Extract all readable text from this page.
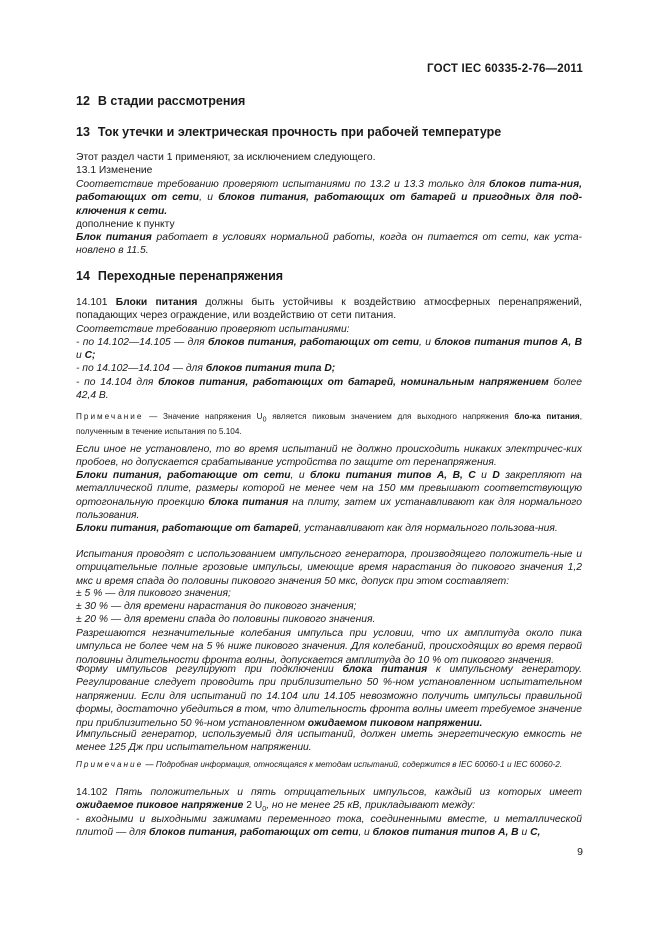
ГОСТ IEC 60335-2-76—2011
12 В стадии рассмотрения
13 Ток утечки и электрическая прочность при рабочей температуре

Этот раздел части 1 применяют, за исключением следующего.

13.1 Изменение

Соответствие требованию проверяют испытаниями по 13.2 и 13.3 только для блоков пита-ния, работающих от сети, и блоков питания, работающих от батарей и пригодных для под-ключения к сети.

дополнение к пункту

Блок питания работает в условиях нормальной работы, когда он питается от сети, как уста-новлено в 11.5.

14 Переходные перенапряжения

14.101 Блоки питания должны быть устойчивы к воздействию атмосферных перенапряжений, попадающих через ограждение, или воздействию от сети питания.

Соответствие требованию проверяют испытаниями:

- по 14.102—14.105 — для блоков питания, работающих от сети, и блоков питания типов А, В и С;

- по 14.102—14.104 — для блоков питания типа D;

- по 14.104 для блоков питания, работающих от батарей, номинальным напряжением более 42,4 В.

Примечание — Значение напряжения $U_0$ является пиковым значением для выходного напряжения бло-ка питания, полученным в течение испытания по 5.104.

Если иное не установлено, то во время испытаний не должно происходить никаких электричес-ких пробоев, но допускается срабатывание устройства по защите от перенапряжения.

Блоки питания, работающие от сети, и блоки питания типов А, В, С и D закрепляют на металлической плите, размеры которой не менее чем на 150 мм превышают соответствующую ортогональную проекцию блока питания на плиту, затем их устанавливают как для нормального пользования.

Блоки питания, работающие от батарей, устанавливают как для нормального пользова-ния.

Испытания проводят с использованием импульсного генератора, производящего положитель-ные и отрицательные полные грозовые импульсы, имеющие время нарастания до пикового значения 1,2 мкс и время спада до половины пикового значения 50 мкс, допуск при этом составляет:

± 5 % — для пикового значения;

± 30 % — для времени нарастания до пикового значения;

± 20 % — для времени спада до половины пикового значения.

Разрешаются незначительные колебания импульса при условии, что их амплитуда около пика импульса не более чем на 5 % ниже пикового значения. Для колебаний, происходящих во время первой половины длительности фронта волны, допускается амплитуда до 10 % от пикового значения.

Форму импульсов регулируют при подключении блока питания к импульсному генератору. Регулирование следует проводить при приблизительно 50 %-ном установленном испытательном напряжении. Если для испытаний по 14.104 или 14.105 невозможно получить импульсы правильной формы, достаточно убедиться в том, что длительность фронта волны имеет требуемое значение при приблизительно 50 %-ном установленном ожидаемом пиковом напряжении.

Импульсный генератор, используемый для испытаний, должен иметь энергетическую емкость не менее 125 Дж при испытательном напряжении.

Примечание — Подробная информация, относящаяся к методам испытаний, содержится в IEC 60060-1 и IEC 60060-2.

14.102 Пять положительных и пять отрицательных импульсов, каждый из которых имеет ожидаемое пиковое напряжение 2 $U_0$, но не менее 25 кВ, прикладывают между:

- входными и выходными зажимами переменного тока, соединенными вместе, и металлической плитой — для блоков питания, работающих от сети, и блоков питания типов А, В и С,

9
